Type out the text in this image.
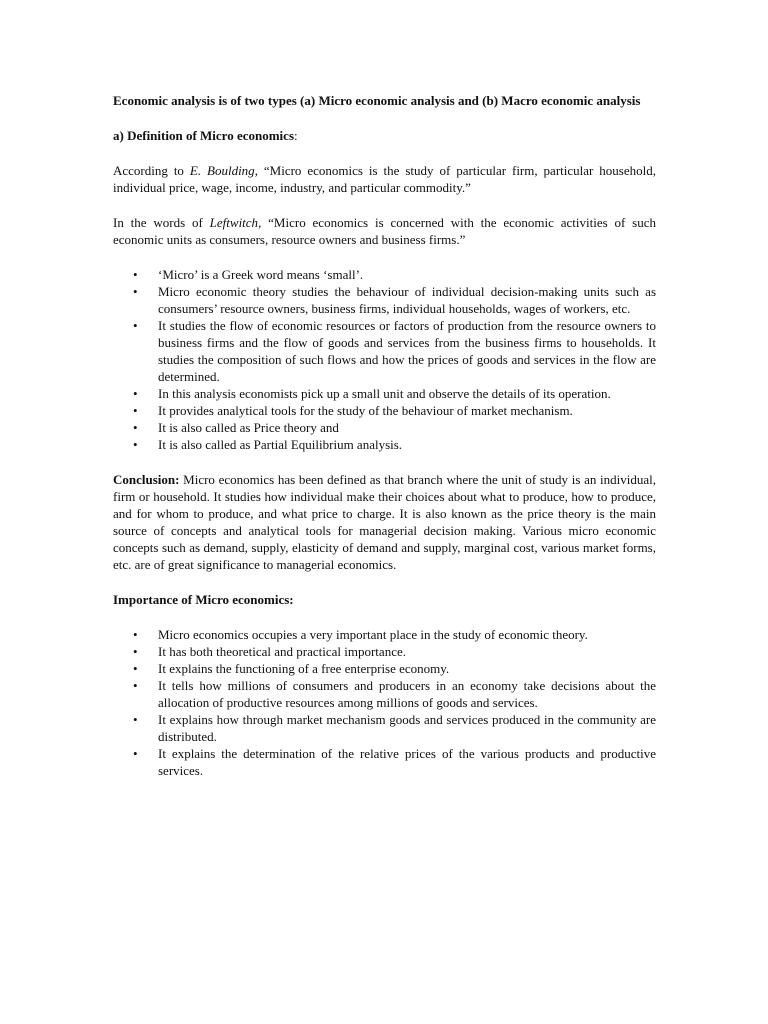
Economic analysis is of two types (a) Micro economic analysis and (b) Macro economic analysis

a) Definition of Micro economics:

According to E. Boulding, “Micro economics is the study of particular firm, particular household, individual price, wage, income, industry, and particular commodity.”

In the words of Leftwitch, “Micro economics is concerned with the economic activities of such economic units as consumers, resource owners and business firms.”

• ‘Micro’ is a Greek word means ‘small’.
• Micro economic theory studies the behaviour of individual decision-making units such as consumers’ resource owners, business firms, individual households, wages of workers, etc.
• It studies the flow of economic resources or factors of production from the resource owners to business firms and the flow of goods and services from the business firms to households. It studies the composition of such flows and how the prices of goods and services in the flow are determined.
• In this analysis economists pick up a small unit and observe the details of its operation.
• It provides analytical tools for the study of the behaviour of market mechanism.
• It is also called as Price theory and
• It is also called as Partial Equilibrium analysis.

Conclusion: Micro economics has been defined as that branch where the unit of study is an individual, firm or household. It studies how individual make their choices about what to produce, how to produce, and for whom to produce, and what price to charge. It is also known as the price theory is the main source of concepts and analytical tools for managerial decision making. Various micro economic concepts such as demand, supply, elasticity of demand and supply, marginal cost, various market forms, etc. are of great significance to managerial economics.

Importance of Micro economics:

• Micro economics occupies a very important place in the study of economic theory.
• It has both theoretical and practical importance.
• It explains the functioning of a free enterprise economy.
• It tells how millions of consumers and producers in an economy take decisions about the allocation of productive resources among millions of goods and services.
• It explains how through market mechanism goods and services produced in the community are distributed.
• It explains the determination of the relative prices of the various products and productive services.
